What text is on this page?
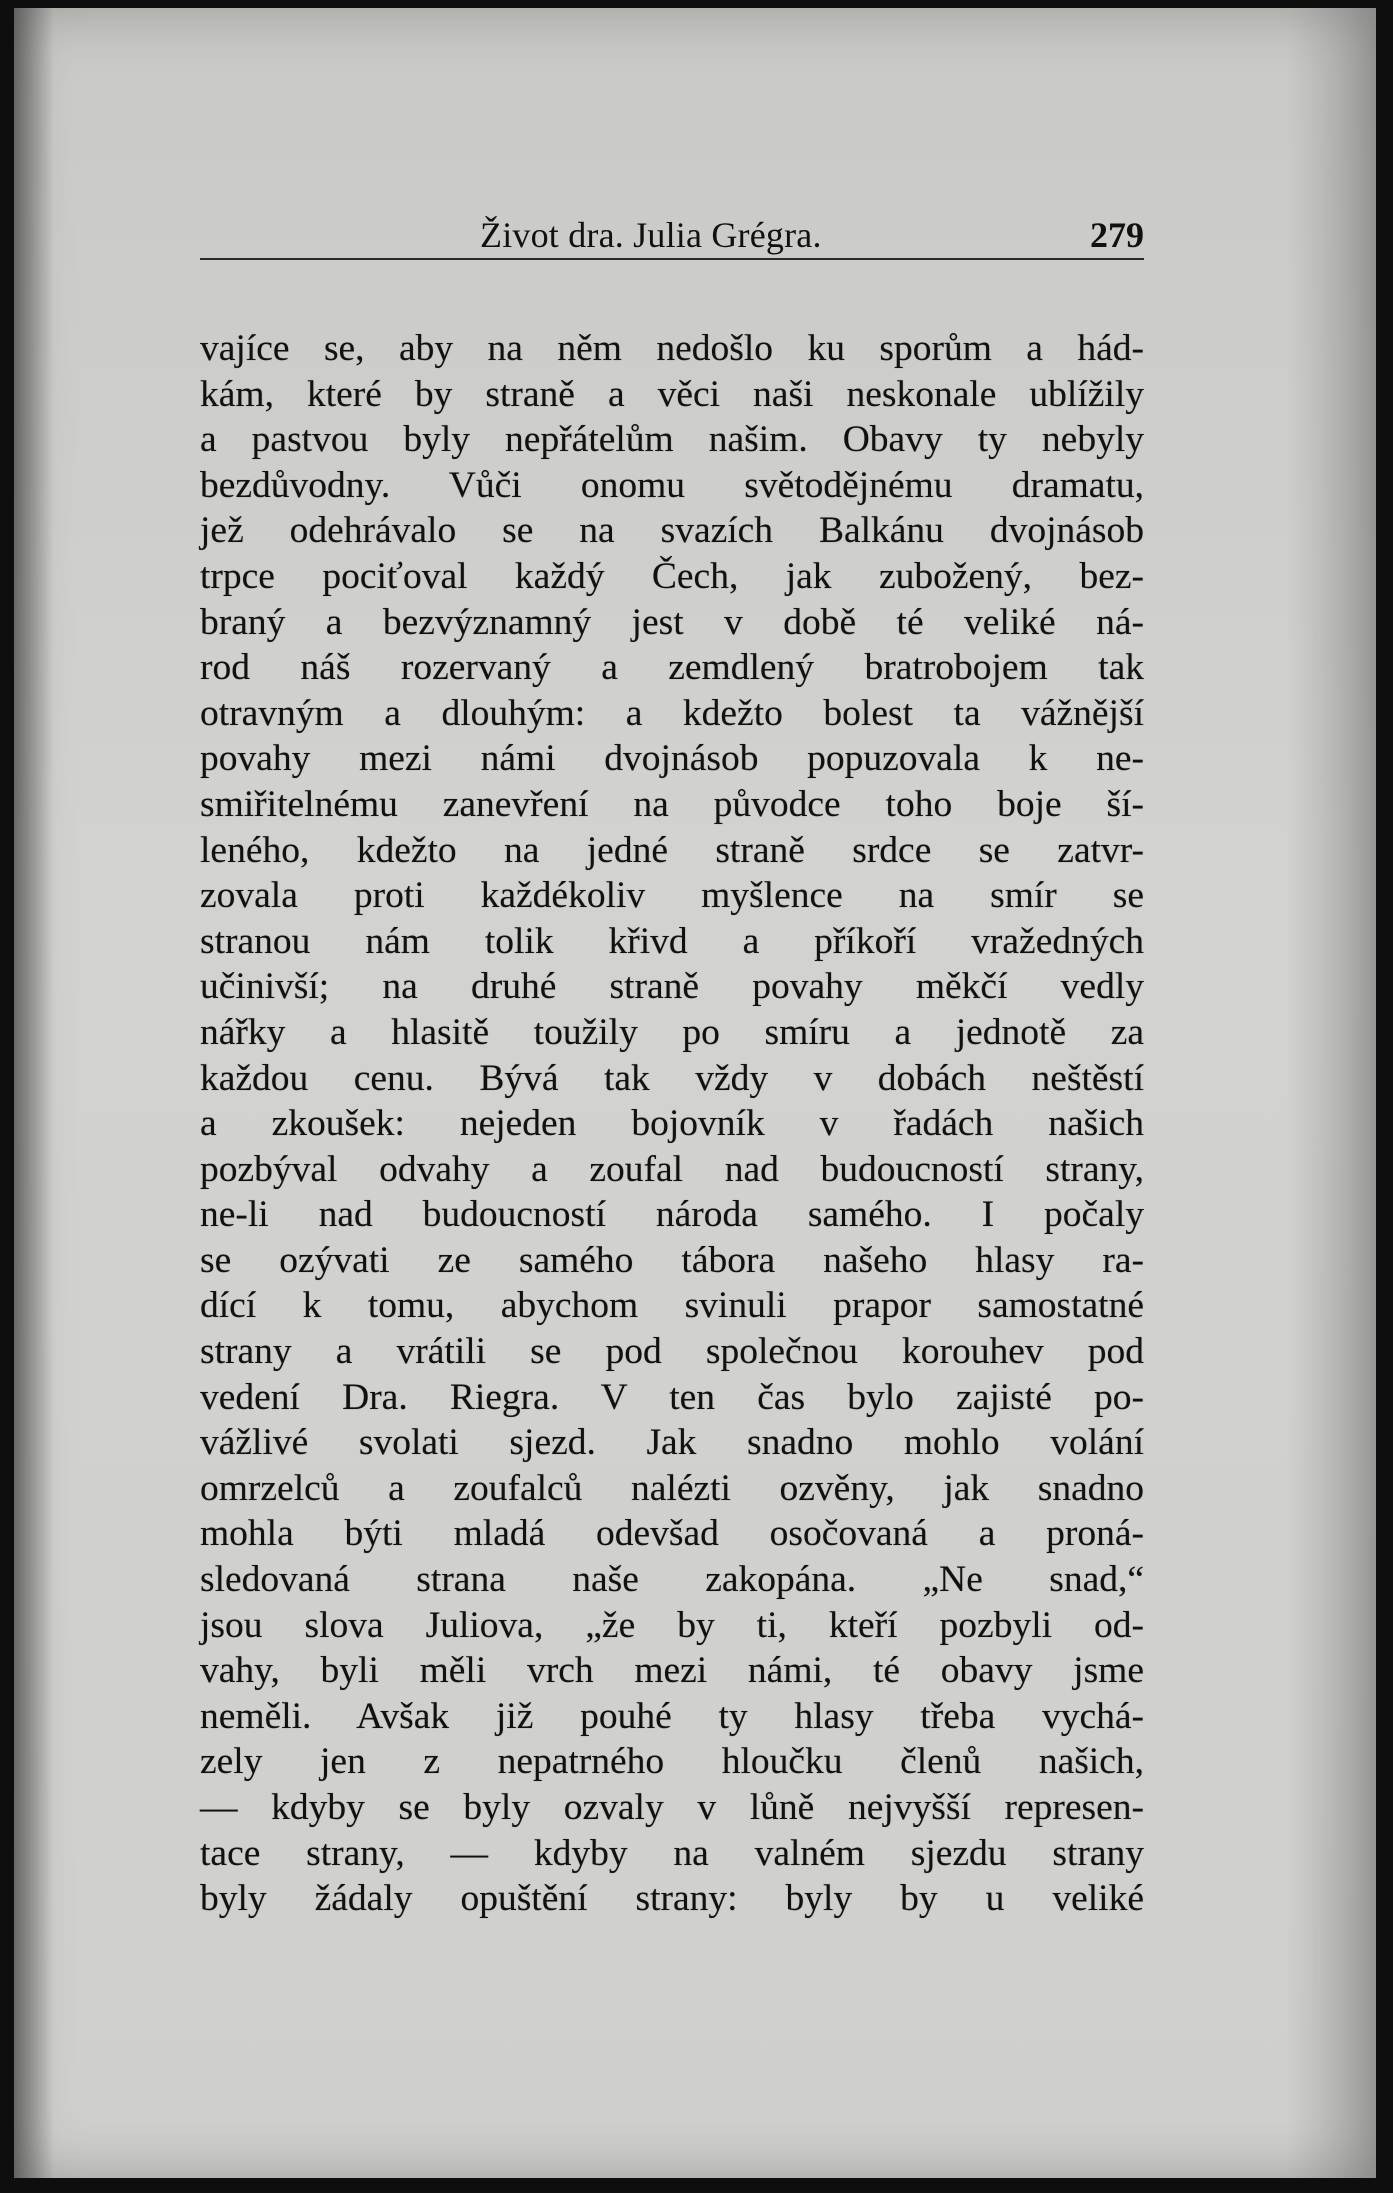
Život dra. Julia Grégra.	279
vajíce se, aby na něm nedošlo ku sporům a hád-
kám, které by straně a věci naši neskonale ublížily
a pastvou byly nepřátelům našim. Obavy ty nebyly
bezdůvodny. Vůči onomu světodějnému dramatu,
jež odehrávalo se na svazích Balkánu dvojnásob
trpce pociťoval každý Čech, jak zubožený, bez-
braný a bezvýznamný jest v době té veliké ná-
rod náš rozervaný a zemdlený bratrobojem tak
otravným a dlouhým: a kdežto bolest ta vážnější
povahy mezi námi dvojnásob popuzovala k ne-
smiřitelnému zanevření na původce toho boje ší-
leného, kdežto na jedné straně srdce se zatvr-
zovala proti každékoliv myšlence na smír se
stranou nám tolik křivd a příkoří vražedných
učinivší; na druhé straně povahy měkčí vedly
nářky a hlasitě toužily po smíru a jednotě za
každou cenu. Bývá tak vždy v dobách neštěstí
a zkoušek: nejeden bojovník v řadách našich
pozbýval odvahy a zoufal nad budoucností strany,
ne-li nad budoucností národa samého. I počaly
se ozývati ze samého tábora našeho hlasy ra-
dící k tomu, abychom svinuli prapor samostatné
strany a vrátili se pod společnou korouhev pod
vedení Dra. Riegra. V ten čas bylo zajisté po-
vážlivé svolati sjezd. Jak snadno mohlo volání
omrzelců a zoufalců nalézti ozvěny, jak snadno
mohla býti mladá odevšad osočovaná a proná-
sledovaná strana naše zakopána. „Ne snad,“
jsou slova Juliova, „že by ti, kteří pozbyli od-
vahy, byli měli vrch mezi námi, té obavy jsme
neměli. Avšak již pouhé ty hlasy třeba vychá-
zely jen z nepatrného hloučku členů našich,
— kdyby se byly ozvaly v lůně nejvyšší represen-
tace strany, — kdyby na valném sjezdu strany
byly žádaly opuštění strany: byly by u veliké
